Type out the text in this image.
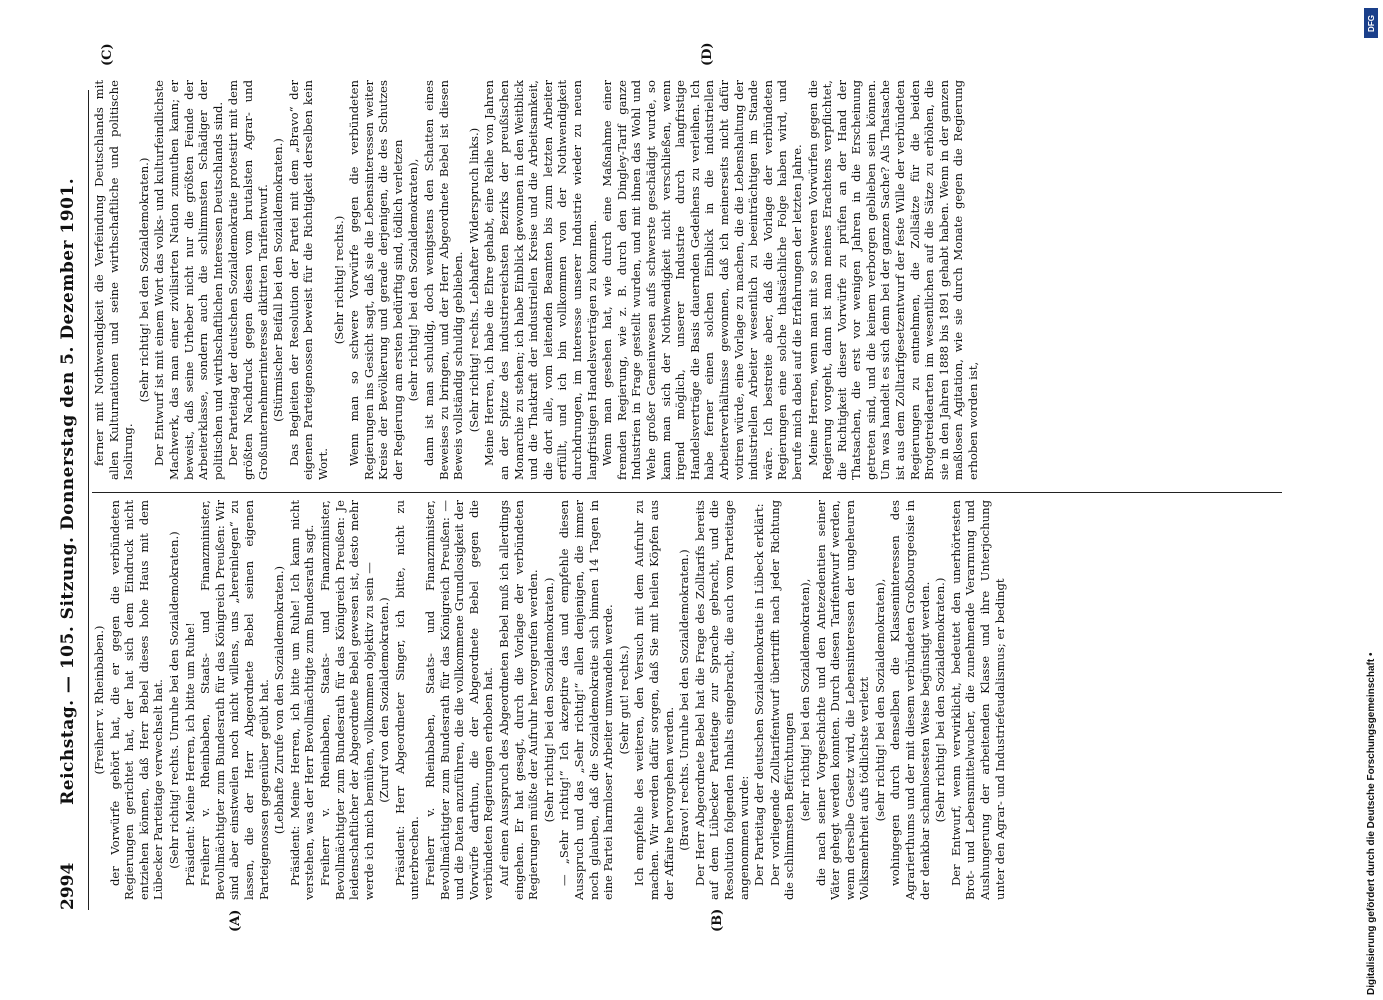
2994
Reichstag. — 105. Sitzung. Donnerstag den 5. Dezember 1901.
(A)	(B)
(C)	(D)

(Freiherr v. Rheinbaben.) der Vorwürfe gehört hat, die er gegen die verbündeten Regierungen gerichtet hat, der hat sich dem Eindruck nicht entziehen können, daß Herr Bebel dieses hohe Haus mit dem Lübecker Parteitage verwechselt hat. (Sehr richtig! rechts. Unruhe bei den Sozialdemokraten.) Präsident: Meine Herren, ich bitte um Ruhe! Freiherr v. Rheinbaben, Staats- und Finanzminister, Bevollmächtigter zum Bundesrath für das Königreich Preußen: Wir sind aber einstweilen noch nicht willens, uns „hereinlegen“ zu lassen, die der Herr Abgeordnete Bebel seinen eigenen Parteigenossen gegenüber geübt hat. (Lebhafte Zurufe von den Sozialdemokraten.) Präsident: Meine Herren, ich bitte um Ruhe! Ich kann nicht verstehen, was der Herr Bevollmächtigte zum Bundesrath sagt. Freiherr v. Rheinbaben, Staats- und Finanzminister, Bevollmächtigter zum Bundesrath für das Königreich Preußen: Je leidenschaftlicher der Abgeordnete Bebel gewesen ist, desto mehr werde ich mich bemühen, vollkommen objektiv zu sein — (Zuruf von den Sozialdemokraten.) Präsident: Herr Abgeordneter Singer, ich bitte, nicht zu unterbrechen. Freiherr v. Rheinbaben, Staats- und Finanzminister, Bevollmächtigter zum Bundesrath für das Königreich Preußen: — und die Daten anzuführen, die die vollkommene Grundlosigkeit der Vorwürfe darthun, die der Abgeordnete Bebel gegen die verbündeten Regierungen erhoben hat. Auf einen Ausspruch des Abgeordneten Bebel muß ich allerdings eingehen. Er hat gesagt, durch die Vorlage der verbündeten Regierungen müßte der Aufruhr hervorgerufen werden. (Sehr richtig! bei den Sozialdemokraten.) — „Sehr richtig!“ Ich akzeptire das und empfehle diesen Ausspruch und das „Sehr richtig!“ allen denjenigen, die immer noch glauben, daß die Sozialdemokratie sich binnen 14 Tagen in eine Partei harmloser Arbeiter umwandeln werde. (Sehr gut! rechts.) Ich empfehle des weiteren, den Versuch mit dem Aufruhr zu machen. Wir werden dafür sorgen, daß Sie mit heilen Köpfen aus der Affaire hervorgehen werden. (Bravo! rechts. Unruhe bei den Sozialdemokraten.) Der Herr Abgeordnete Bebel hat die Frage des Zolltarifs bereits auf dem Lübecker Parteitage zur Sprache gebracht, und die Resolution folgenden Inhalts eingebracht, die auch vom Parteitage angenommen wurde: Der Parteitag der deutschen Sozialdemokratie in Lübeck erklärt: Der vorliegende Zolltarifentwurf übertrifft nach jeder Richtung die schlimmsten Befürchtungen (sehr richtig! bei den Sozialdemokraten), die nach seiner Vorgeschichte und den Antezedentien seiner Väter gehegt werden konnten. Durch diesen Tarifentwurf werden, wenn derselbe Gesetz wird, die Lebensinteressen der ungeheuren Volksmehrheit aufs tödlichste verletzt (sehr richtig! bei den Sozialdemokraten), wohingegen durch denselben die Klasseninteressen des Agrarierthums und der mit diesem verbündeten Großbourgeoisie in der denkbar schamlosesten Weise begünstigt werden. (Sehr richtig! bei den Sozialdemokraten.) Der Entwurf, wenn verwirklicht, bedeutet den unerhörtesten Brot- und Lebensmittelwucher, die zunehmende Verarmung und Aushungerung der arbeitenden Klasse und ihre Unterjochung unter den Agrar- und Industriefeudalismus; er bedingt

ferner mit Nothwendigkeit die Verfeindung Deutschlands mit allen Kulturnationen und seine wirthschaftliche und politische Isolirung.

(Sehr richtig! bei den Sozialdemokraten.) Der Entwurf ist mit einem Wort das volks- und kulturfeindlichste Machwerk, das man einer zivilisirten Nation zumuthen kann; er beweist, daß seine Urheber nicht nur die größten Feinde der Arbeiterklasse, sondern auch die schlimmsten Schädiger der politischen und wirthschaftlichen Interessen Deutschlands sind. Der Parteitag der deutschen Sozialdemokratie protestirt mit dem größten Nachdruck gegen diesen vom brutalsten Agrar- und Großunternehmerinteresse diktirten Tarifentwurf. (Stürmischer Beifall bei den Sozialdemokraten.) Das Begleiten der Resolution der Partei mit dem „Bravo“ der eigenen Parteigenossen beweist für die Richtigkeit derselben kein Wort.

(Sehr richtig! rechts.) Wenn man so schwere Vorwürfe gegen die verbündeten Regierungen ins Gesicht sagt, daß sie die Lebensinteressen weiter Kreise der Bevölkerung und gerade derjenigen, die des Schutzes der Regierung am ersten bedürftig sind, tödlich verletzen (sehr richtig! bei den Sozialdemokraten), dann ist man schuldig, doch wenigstens den Schatten eines Beweises zu bringen, und der Herr Abgeordnete Bebel ist diesen Beweis vollständig schuldig geblieben. (Sehr richtig! rechts. Lebhafter Widerspruch links.) Meine Herren, ich habe die Ehre gehabt, eine Reihe von Jahren an der Spitze des industriereichsten Bezirks der preußischen Monarchie zu stehen; ich habe Einblick gewonnen in den Weitblick und die Thatkraft der industriellen Kreise und die Arbeitsamkeit, die dort alle, vom leitenden Beamten bis zum letzten Arbeiter erfüllt, und ich bin vollkommen von der Nothwendigkeit durchdrungen, im Interesse unserer Industrie wieder zu neuen langfristigen Handelsverträgen zu kommen. Wenn man gesehen hat, wie durch eine Maßnahme einer fremden Regierung, wie z. B. durch den Dingley-Tarif ganze Industrien in Frage gestellt wurden, und mit ihnen das Wohl und Wehe großer Gemeinwesen aufs schwerste geschädigt wurde, so kann man sich der Nothwendigkeit nicht verschließen, wenn irgend möglich, unserer Industrie durch langfristige Handelsverträge die Basis dauernden Gedeihens zu verleihen. Ich habe ferner einen solchen Einblick in die industriellen Arbeiterverhältnisse gewonnen, daß ich meinerseits nicht dafür votiren würde, eine Vorlage zu machen, die die Lebenshaltung der industriellen Arbeiter wesentlich zu beeinträchtigen im Stande wäre. Ich bestreite aber, daß die Vorlage der verbündeten Regierungen eine solche thatsächliche Folge haben wird, und berufe mich dabei auf die Erfahrungen der letzten Jahre. Meine Herren, wenn man mit so schweren Vorwürfen gegen die Regierung vorgeht, dann ist man meines Erachtens verpflichtet, die Richtigkeit dieser Vorwürfe zu prüfen an der Hand der Thatsachen, die erst vor wenigen Jahren in die Erscheinung getreten sind, und die keinem verborgen geblieben sein können. Um was handelt es sich denn bei der ganzen Sache? Als Thatsache ist aus dem Zolltarifgesetzentwurf der feste Wille der verbündeten Regierungen zu entnehmen, die Zollsätze für die beiden Brotgetreidearten im wesentlichen auf die Sätze zu erhöhen, die sie in den Jahren 1888 bis 1891 gehabt haben. Wenn in der ganzen maßlosen Agitation, wie sie durch Monate gegen die Regierung erhoben worden ist,

Digitalisierung gefördert durch die Deutsche Forschungsgemeinschaft •
DFG
